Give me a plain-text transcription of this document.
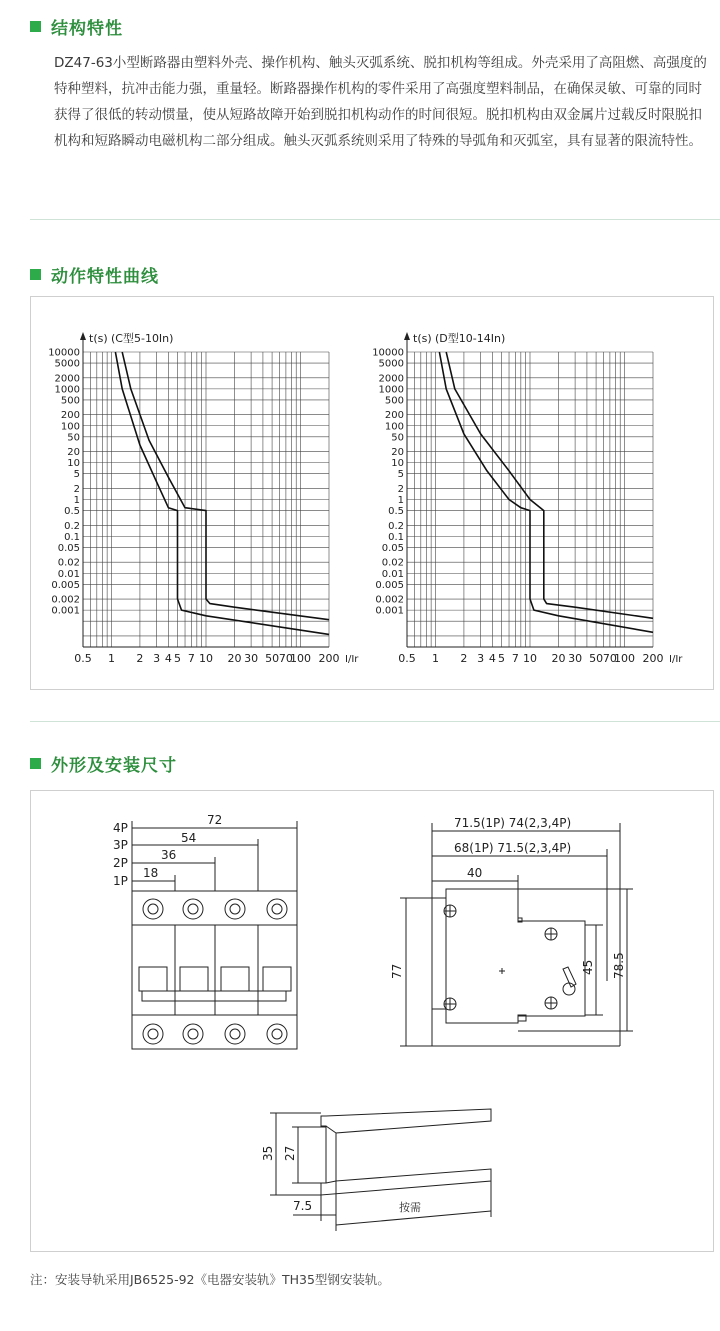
结构特性
DZ47-63小型断路器由塑料外壳、操作机构、触头灭弧系统、脱扣机构等组成。外壳采用了高阻燃、高强度的特种塑料，抗冲击能力强，重量轻。断路器操作机构的零件采用了高强度塑料制品，在确保灵敏、可靠的同时获得了很低的转动惯量，使从短路故障开始到脱扣机构动作的时间很短。脱扣机构由双金属片过载反时限脱扣机构和短路瞬动电磁机构二部分组成。触头灭弧系统则采用了特殊的导弧角和灭弧室，具有显著的限流特性。
动作特性曲线
10000
5000
2000
1000
500
200
100
50
20
10
5
2
1
0.5
0.2
0.1
0.05
0.02
0.01
0.005
0.002
0.001
0.5 1 2 3 4 5 7 10 20 30 50 70
100 200 I/Ir
t(s) (C型5-10In)
10000
5000
2000
1000
500
200
100
50
20
10
5
2
1
0.5
0.2
0.1
0.05
0.02
0.01
0.005
0.002
0.001
0.5 1 2 3 4 5 7 10 20 30 50 70
100 200 I/Ir
t(s) (D型10-14In)
外形及安装尺寸
4P
3P
2P
1P
72
54
36
18
71.5(1P) 74(2,3,4P)
68(1P) 71.5(2,3,4P)
40
77	45 78.5
35 27
7.5	按需
注：安装导轨采用JB6525-92《电器安装轨》TH35型钢安装轨。
